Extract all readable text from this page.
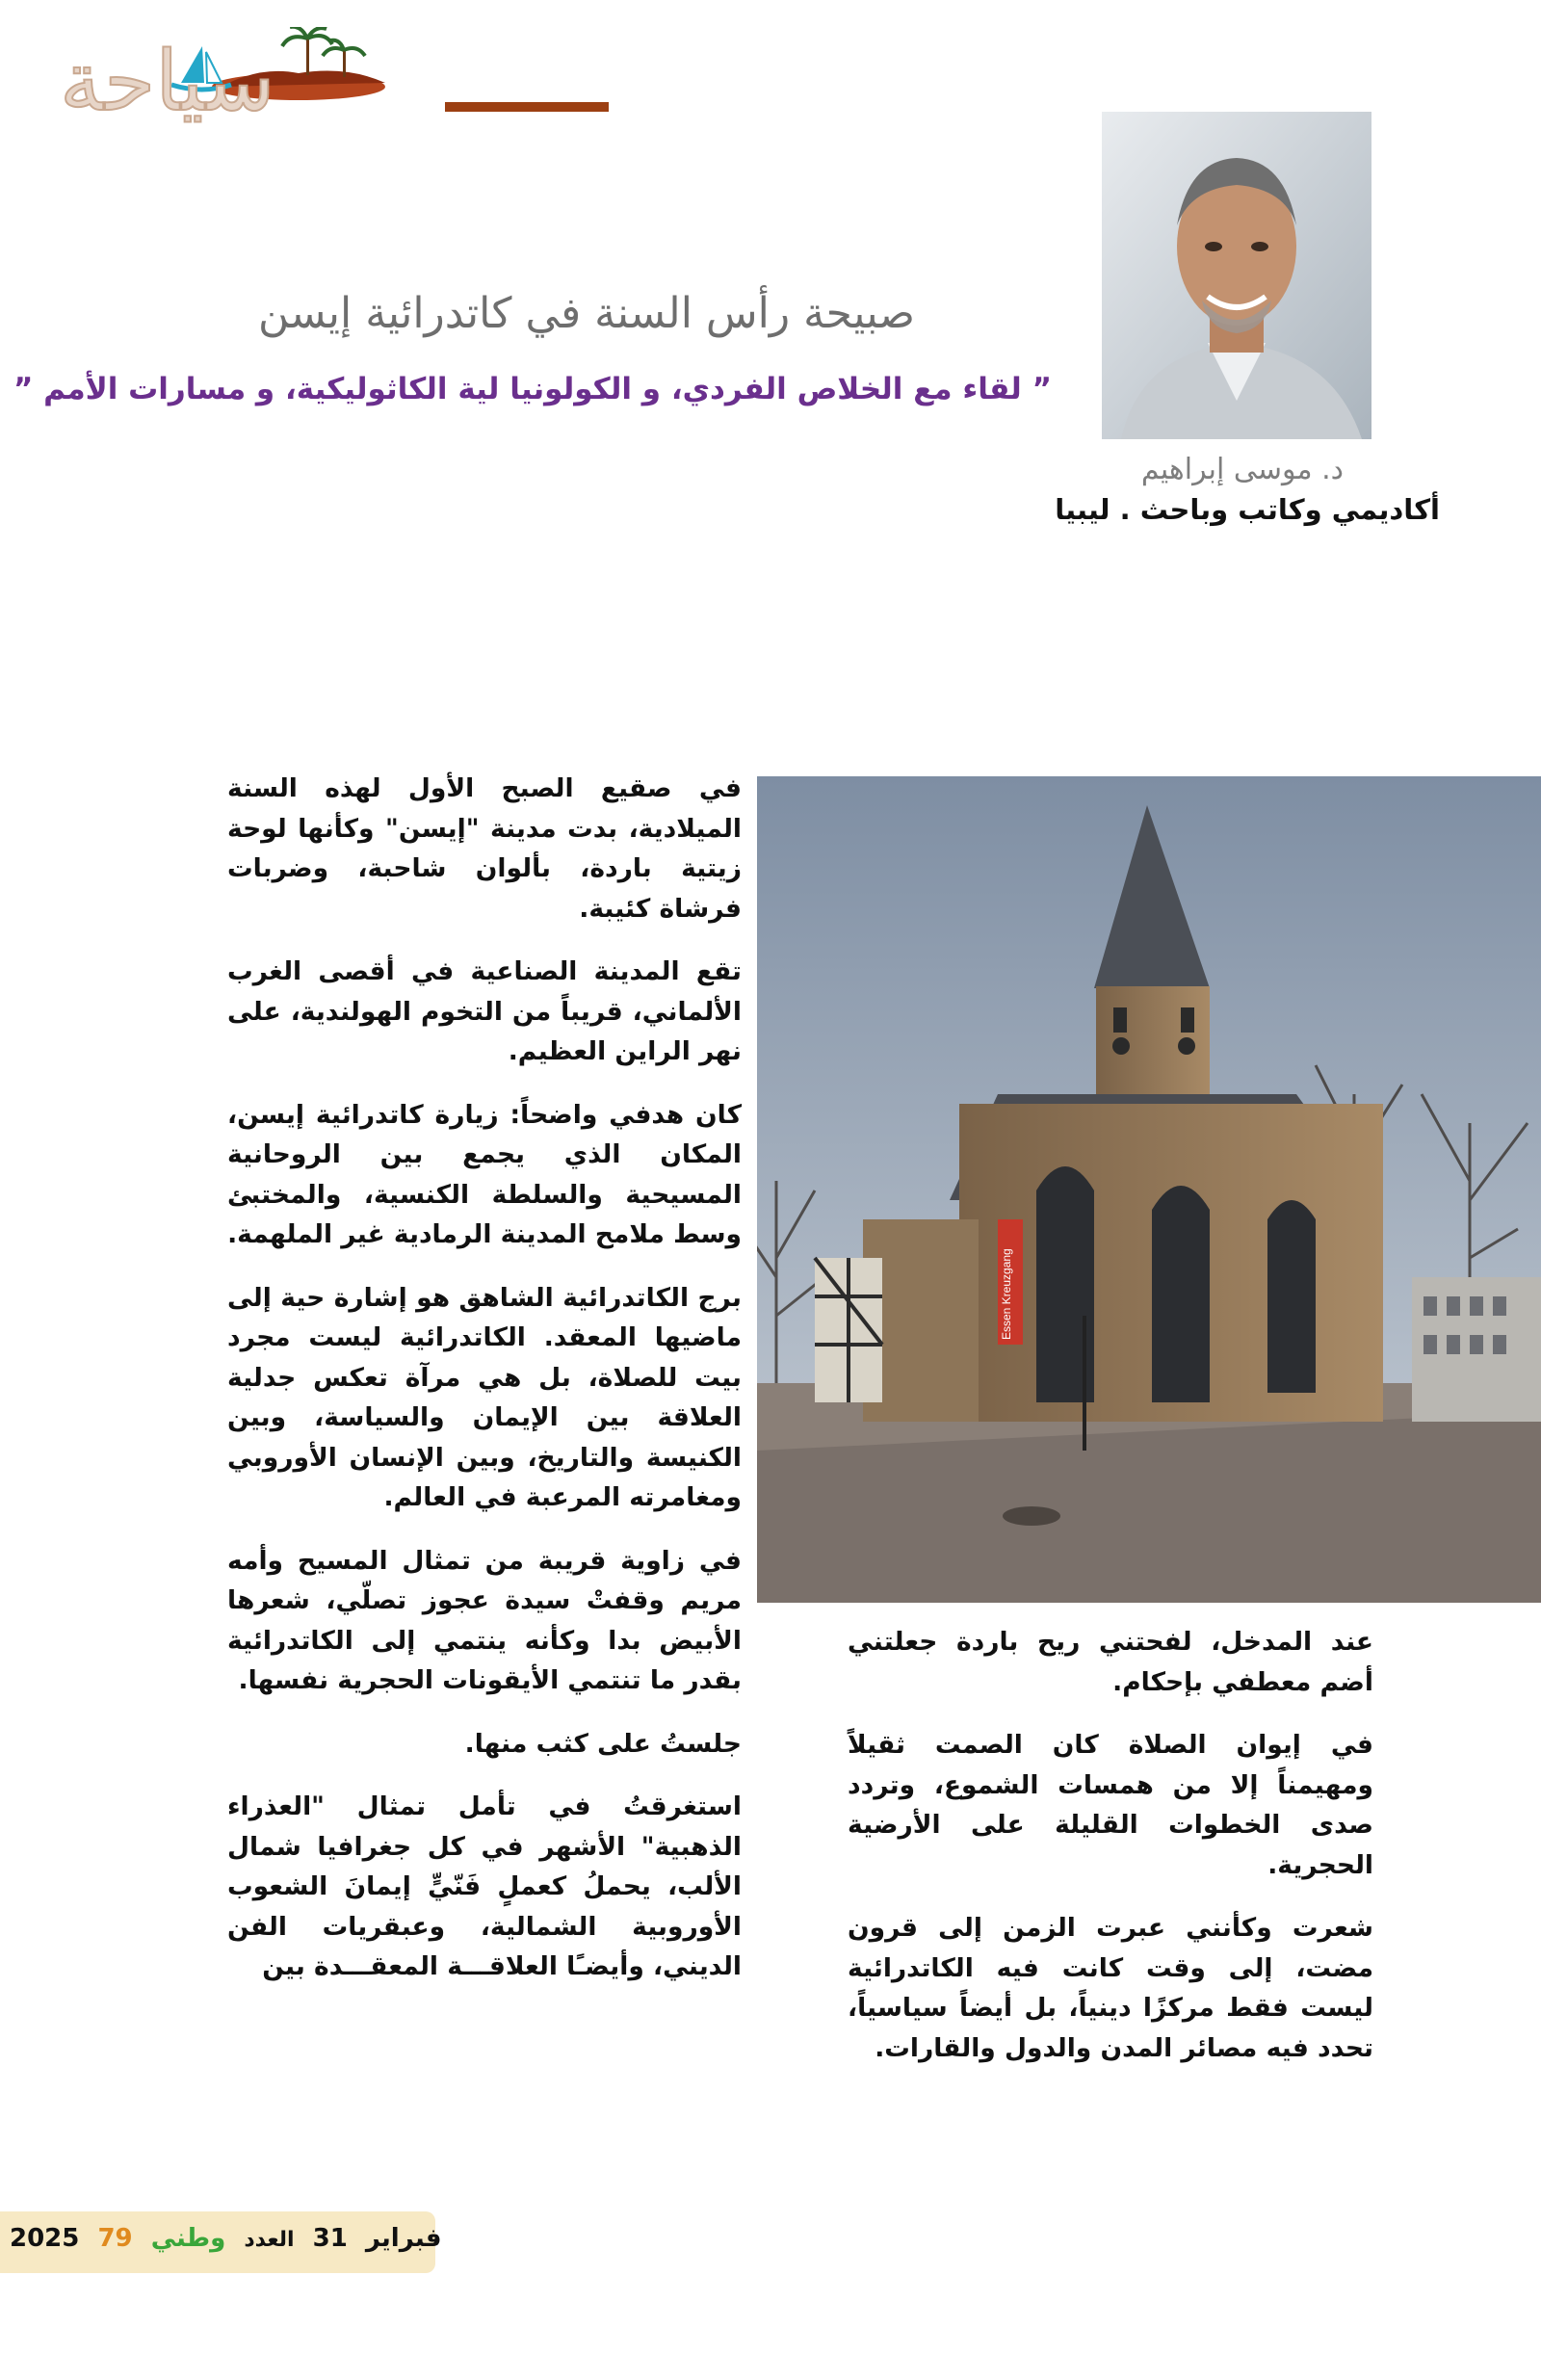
سياحة
د. موسى إبراهيم
أكاديمي وكاتب وباحث . ليبيا
صبيحة رأس السنة في كاتدرائية إيسن
” لقاء مع الخلاص الفردي، و الكولونيا لية الكاثوليكية، و مسارات الأمم ”

في صقيع الصبح الأول لهذه السنة الميلادية، بدت مدينة "إيسن" وكأنها لوحة زيتية باردة، بألوان شاحبة، وضربات فرشاة كئيبة.

تقع المدينة الصناعية في أقصى الغرب الألماني، قريباً من التخوم الهولندية، على نهر الراين العظيم.

كان هدفي واضحاً: زيارة كاتدرائية إيسن، المكان الذي يجمع بين الروحانية المسيحية والسلطة الكنسية، والمختبئ وسط ملامح المدينة الرمادية غير الملهمة.

برج الكاتدرائية الشاهق هو إشارة حية إلى ماضيها المعقد. الكاتدرائية ليست مجرد بيت للصلاة، بل هي مرآة تعكس جدلية العلاقة بين الإيمان والسياسة، وبين الكنيسة والتاريخ، وبين الإنسان الأوروبي ومغامرته المرعبة في العالم.

في زاوية قريبة من تمثال المسيح وأمه مريم وقفتْ سيدة عجوز تصلّي، شعرها الأبيض بدا وكأنه ينتمي إلى الكاتدرائية بقدر ما تنتمي الأيقونات الحجرية نفسها.

جلستُ على كثب منها.

استغرقتُ في تأمل تمثال "العذراء الذهبية" الأشهر في كل جغرافيا شمال الألب، يحملُ كعملٍ فَنّيٍّ إيمانَ الشعوب الأوروبية الشمالية، وعبقريات الفن الديني، وأيضـًا العلاقـــة المعقـــدة بين

Essen Kreuzgang

عند المدخل، لفحتني ريح باردة جعلتني أضم معطفي بإحكام.

في إيوان الصلاة كان الصمت ثقيلاً ومهيمناً إلا من همسات الشموع، وتردد صدى الخطوات القليلة على الأرضية الحجرية.

شعرت وكأنني عبرت الزمن إلى قرون مضت، إلى وقت كانت فيه الكاتدرائية ليست فقط مركزًا دينياً، بل أيضاً سياسياً، تحدد فيه مصائر المدن والدول والقارات.

2025	فبراير 31 العدد وطني 79
